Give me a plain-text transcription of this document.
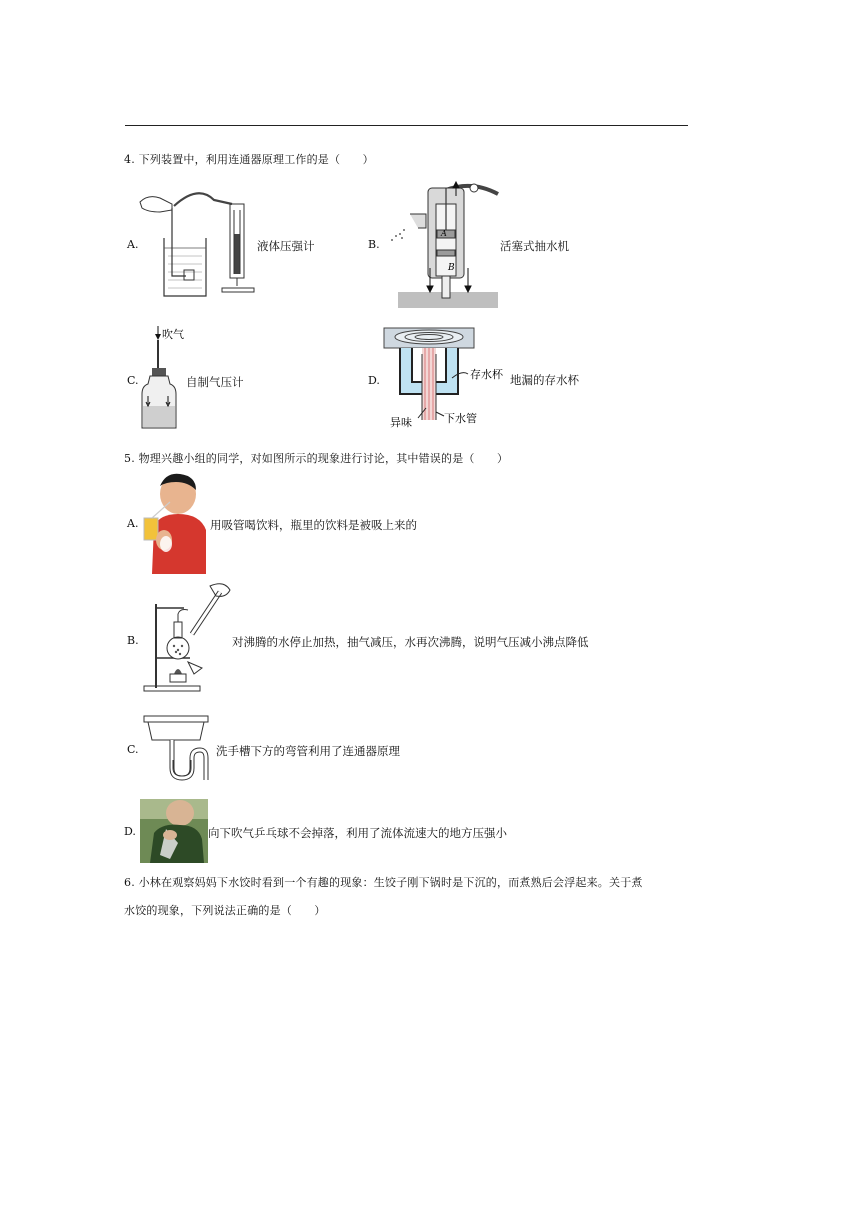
4. 下列装置中，利用连通器原理工作的是（　　）
A.	液体压强计	B.
A
B
活塞式抽水机
C.
吹气
自制气压计	D.	存水杯
异味	下水管
地漏的存水杯
5. 物理兴趣小组的同学，对如图所示的现象进行讨论，其中错误的是（　　）
A.	用吸管喝饮料，瓶里的饮料是被吸上来的
B.	对沸腾的水停止加热，抽气减压，水再次沸腾，说明气压减小沸点降低
C.	洗手槽下方的弯管利用了连通器原理
D.	向下吹气乒乓球不会掉落，利用了流体流速大的地方压强小
6. 小林在观察妈妈下水饺时看到一个有趣的现象：生饺子刚下锅时是下沉的，而煮熟后会浮起来。关于煮
水饺的现象，下列说法正确的是（　　）
